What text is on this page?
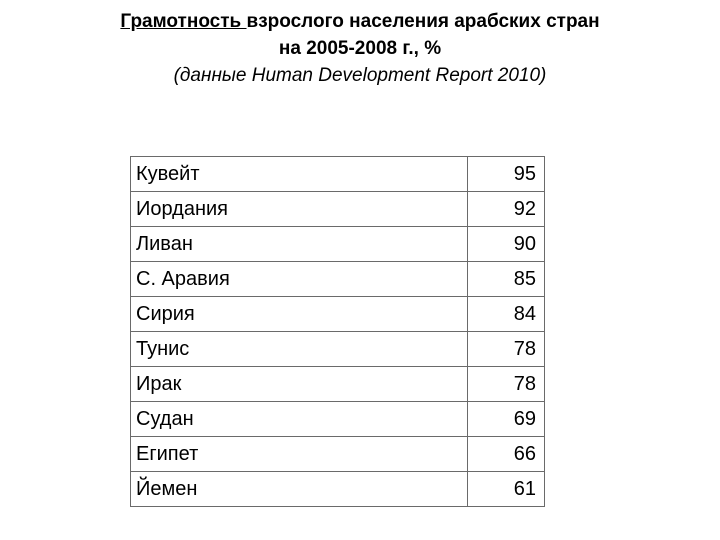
Грамотность взрослого населения арабских стран

на 2005-2008 г., %

(данные Human Development Report 2010)

Кувейт	95
Иордания	92
Ливан	90
С. Аравия	85
Сирия	84
Тунис	78
Ирак	78
Судан	69
Египет	66
Йемен	61
